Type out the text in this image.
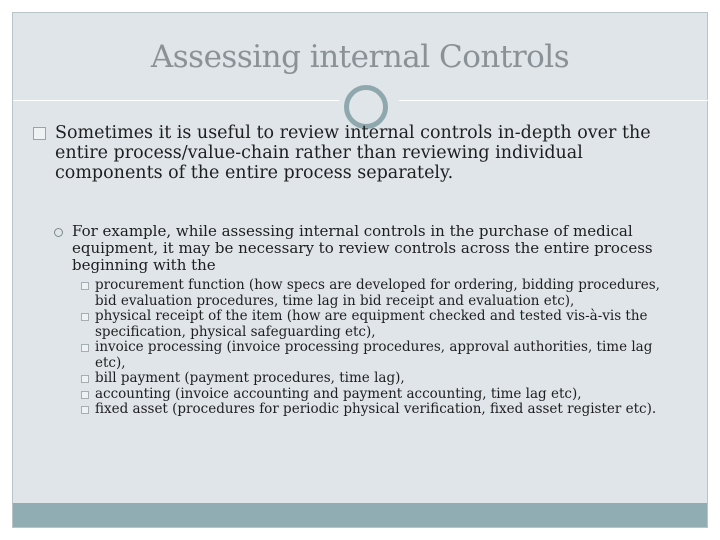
Assessing internal Controls
Sometimes it is useful to review internal controls in-depth over the entire process/value-chain rather than reviewing individual components of the entire process separately.
For example, while assessing internal controls in the purchase of medical equipment, it may be necessary to review controls across the entire process beginning with the
procurement function (how specs are developed for ordering, bidding procedures, bid evaluation procedures, time lag in bid receipt and evaluation etc),
physical receipt of the item (how are equipment checked and tested vis-à-vis the specification, physical safeguarding etc),
invoice processing (invoice processing procedures, approval authorities, time lag etc),
bill payment (payment procedures, time lag),
accounting (invoice accounting and payment accounting, time lag etc),
fixed asset (procedures for periodic physical verification, fixed asset register etc).
